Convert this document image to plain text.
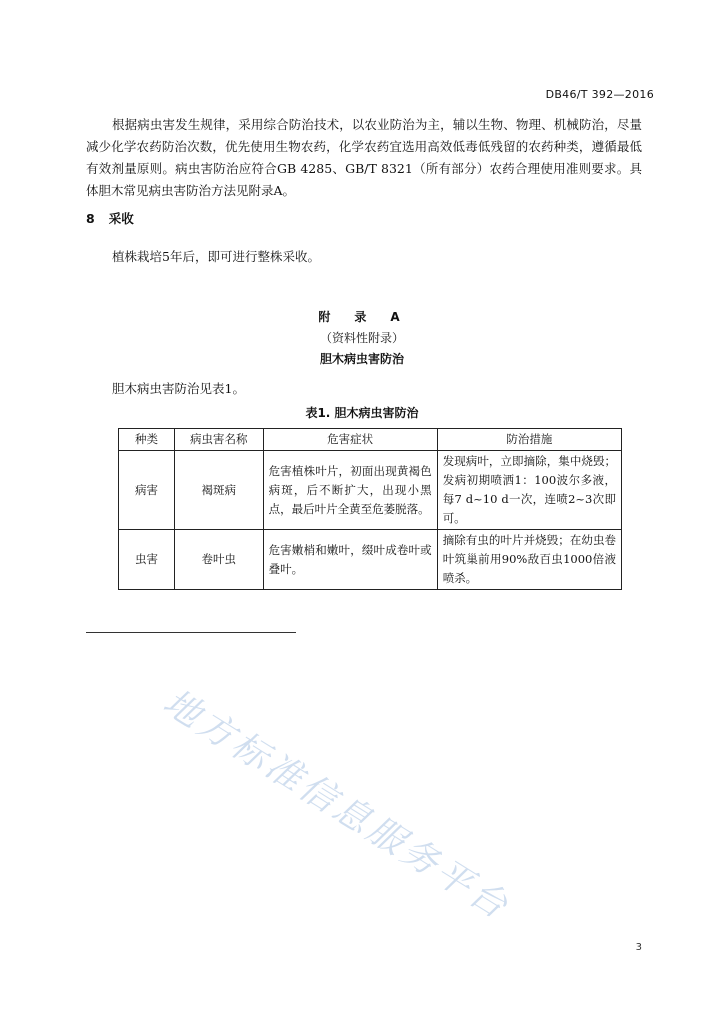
DB46/T 392—2016

根据病虫害发生规律，采用综合防治技术，以农业防治为主，辅以生物、物理、机械防治，尽量减少化学农药防治次数，优先使用生物农药，化学农药宜选用高效低毒低残留的农药种类，遵循最低有效剂量原则。病虫害防治应符合GB 4285、GB/T 8321（所有部分）农药合理使用准则要求。具体胆木常见病虫害防治方法见附录A。

8 采收

植株栽培5年后，即可进行整株采收。

附　录　A
（资料性附录）
胆木病虫害防治

胆木病虫害防治见表1。

表1. 胆木病虫害防治
种类	病虫害名称	危害症状	防治措施
病害	褐斑病	危害植株叶片，初面出现黄褐色病斑，后不断扩大，出现小黑点，最后叶片全黄至危萎脱落。	发现病叶，立即摘除，集中烧毁；发病初期喷洒1：100波尔多液，每7 d~10 d一次，连喷2~3次即可。
虫害	卷叶虫	危害嫩梢和嫩叶，缀叶成卷叶或叠叶。	摘除有虫的叶片并烧毁；在幼虫卷叶筑巢前用90%敌百虫1000倍液喷杀。
地方标准信息服务平台
3
